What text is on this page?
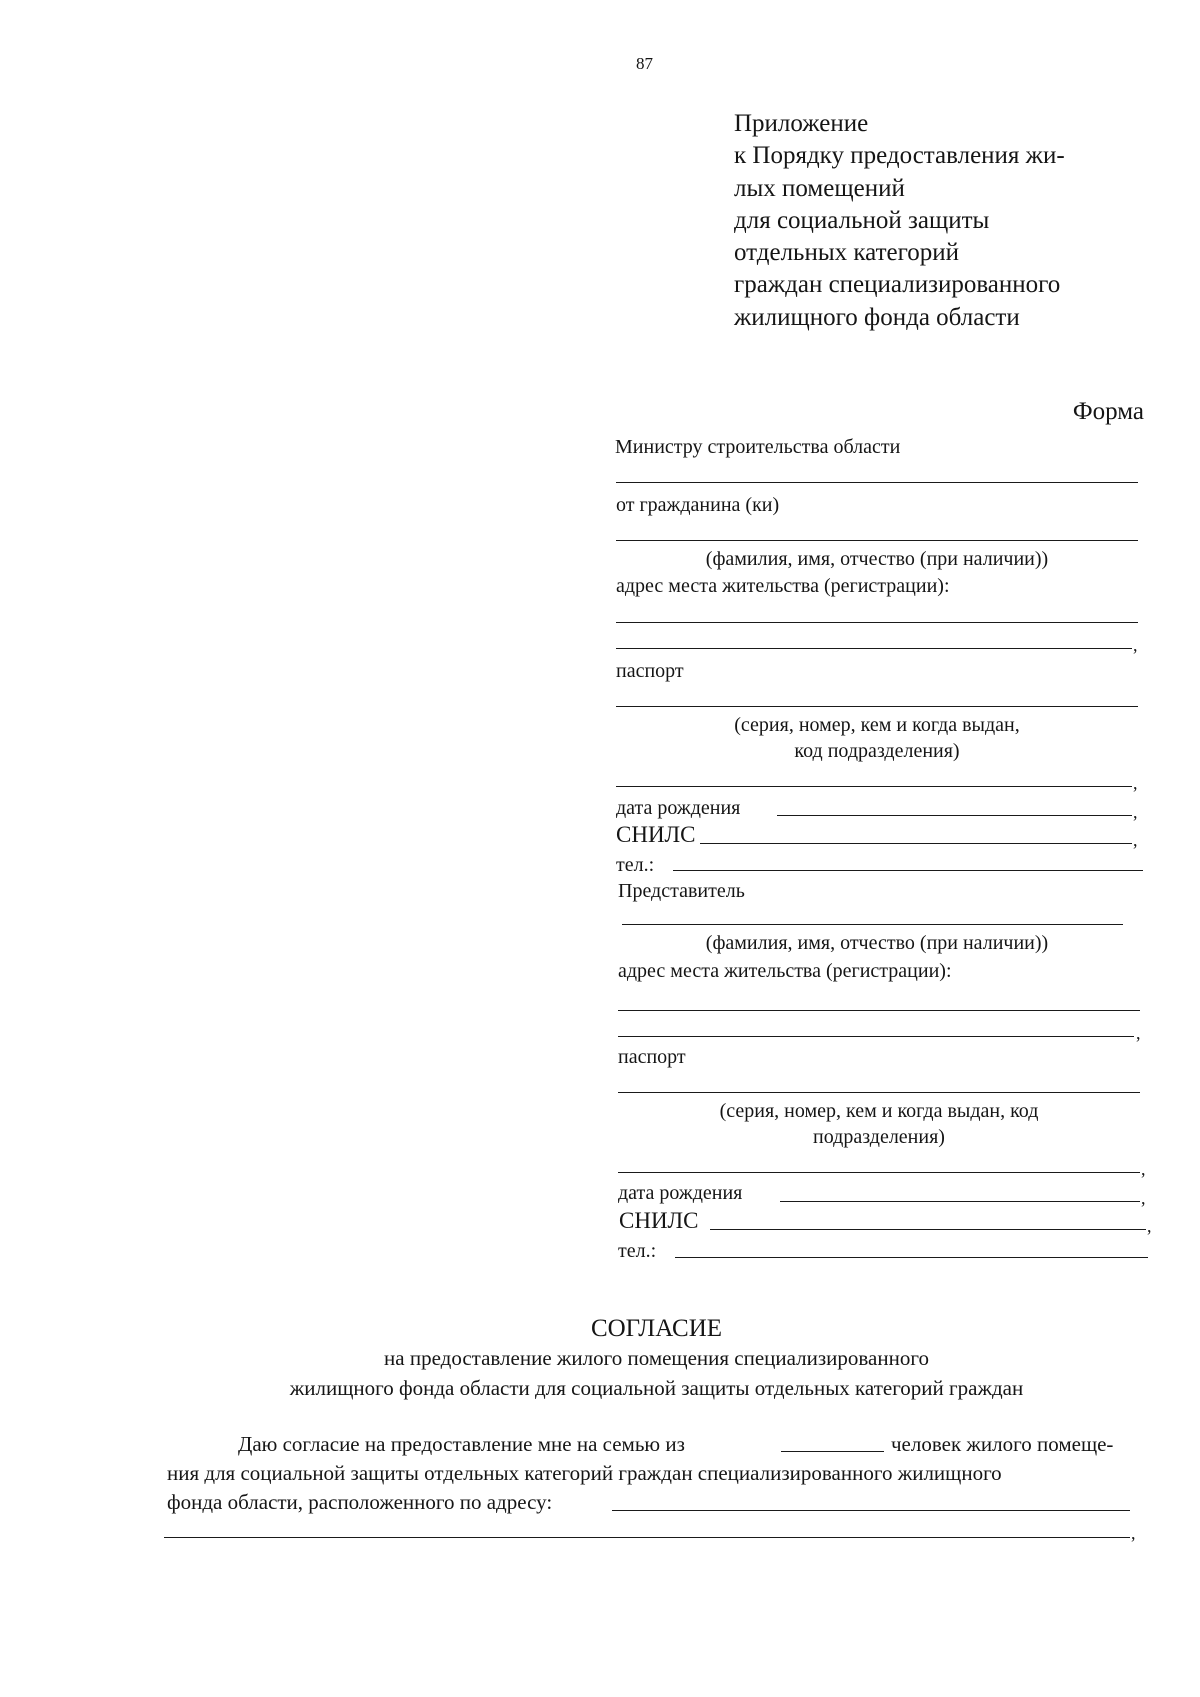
87
Приложение
к Порядку предоставления жи-
лых помещений
для социальной защиты
отдельных категорий
граждан специализированного
жилищного фонда области
Форма
Министру строительства области
от гражданина (ки)
(фамилия, имя, отчество (при наличии))
адрес места жительства (регистрации):
,
паспорт
(серия, номер, кем и когда выдан,
код подразделения)
,
дата рождения	,
СНИЛС	,
тел.:
Представитель
(фамилия, имя, отчество (при наличии))
адрес места жительства (регистрации):
,
паспорт
(серия, номер, кем и когда выдан, код
подразделения)
,
дата рождения	,
СНИЛС	,
тел.:
СОГЛАСИЕ
на предоставление жилого помещения специализированного
жилищного фонда области для социальной защиты отдельных категорий граждан
Даю согласие на предоставление мне на семью из	человек жилого помеще-
ния для социальной защиты отдельных категорий граждан специализированного жилищного
фонда области, расположенного по адресу:
,
